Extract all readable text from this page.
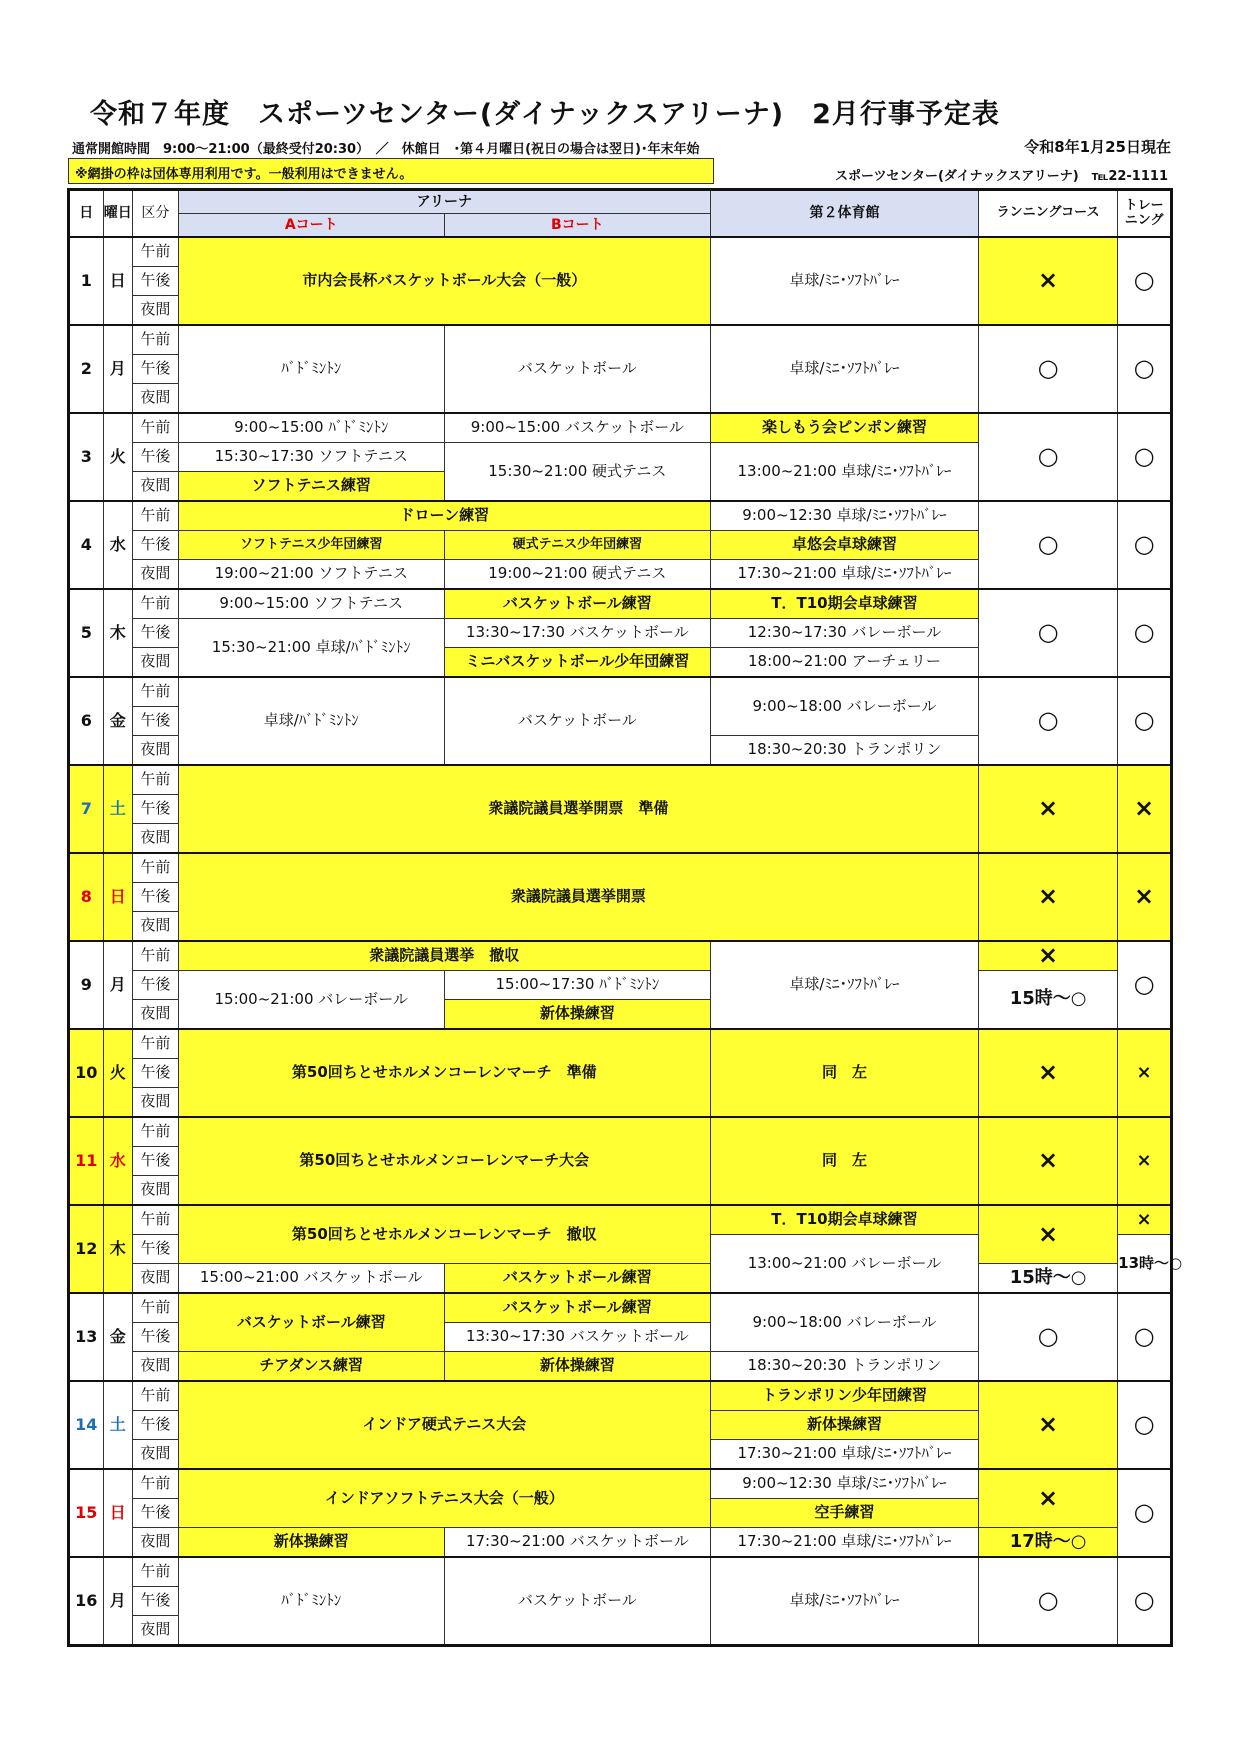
令和７年度　スポーツセンター(ダイナックスアリーナ)　2月行事予定表
通常開館時間　9:00～21:00（最終受付20:30）　／　休館日　･第４月曜日(祝日の場合は翌日)･年末年始	令和8年1月25日現在
※網掛の枠は団体専用利用です。一般利用はできません。	スポーツセンター(ダイナックスアリーナ)　℡22-1111
日	曜日	区分	アリーナ		第２体育館	ランニングコース	トレーニング
			Aコート	Bコート			
1	日	午前	市内会長杯バスケットボール大会（一般）		卓球/ﾐﾆ･ｿﾌﾄﾊﾞﾚｰ	×	○
		午後					
		夜間					
2	月	午前	ﾊﾞﾄﾞﾐﾝﾄﾝ	バスケットボール	卓球/ﾐﾆ･ｿﾌﾄﾊﾞﾚｰ	○	○
		午後					
		夜間					
3	火	午前	9:00~15:00 ﾊﾞﾄﾞﾐﾝﾄﾝ	9:00~15:00 バスケットボール	楽しもう会ピンポン練習	○	○
		午後	15:30~17:30 ソフトテニス	15:30~21:00 硬式テニス	13:00~21:00 卓球/ﾐﾆ･ｿﾌﾄﾊﾞﾚｰ		
		夜間	ソフトテニス練習				
4	水	午前	ドローン練習		9:00~12:30 卓球/ﾐﾆ･ｿﾌﾄﾊﾞﾚｰ	○	○
		午後	ソフトテニス少年団練習	硬式テニス少年団練習	卓悠会卓球練習		
		夜間	19:00~21:00 ソフトテニス	19:00~21:00 硬式テニス	17:30~21:00 卓球/ﾐﾆ･ｿﾌﾄﾊﾞﾚｰ		
5	木	午前	9:00~15:00 ソフトテニス	バスケットボール練習	T．T10期会卓球練習	○	○
		午後	15:30~21:00 卓球/ﾊﾞﾄﾞﾐﾝﾄﾝ	13:30~17:30 バスケットボール	12:30~17:30 バレーボール		
		夜間		ミニバスケットボール少年団練習	18:00~21:00 アーチェリー		
6	金	午前	卓球/ﾊﾞﾄﾞﾐﾝﾄﾝ	バスケットボール	9:00~18:00 バレーボール	○	○
		午後					
		夜間			18:30~20:30 トランポリン		
7	土	午前	衆議院議員選挙開票　準備			×	×
		午後					
		夜間					
8	日	午前	衆議院議員選挙開票			×	×
		午後					
		夜間					
9	月	午前	衆議院議員選挙　撤収		卓球/ﾐﾆ･ｿﾌﾄﾊﾞﾚｰ	×	○
		午後	15:00~21:00 バレーボール	15:00~17:30 ﾊﾞﾄﾞﾐﾝﾄﾝ		15時～○	
		夜間		新体操練習			
10	火	午前	第50回ちとせホルメンコーレンマーチ　準備		同　左	×	×
		午後					
		夜間					
11	水	午前	第50回ちとせホルメンコーレンマーチ大会		同　左	×	×
		午後					
		夜間					
12	木	午前	第50回ちとせホルメンコーレンマーチ　撤収		T．T10期会卓球練習	×	×
		午後			13:00~21:00 バレーボール		13時～○
		夜間	15:00~21:00 バスケットボール	バスケットボール練習		15時～○	
13	金	午前	バスケットボール練習	バスケットボール練習	9:00~18:00 バレーボール	○	○
		午後		13:30~17:30 バスケットボール			
		夜間	チアダンス練習	新体操練習	18:30~20:30 トランポリン		
14	土	午前	インドア硬式テニス大会		トランポリン少年団練習	×	○
		午後			新体操練習		
		夜間			17:30~21:00 卓球/ﾐﾆ･ｿﾌﾄﾊﾞﾚｰ		
15	日	午前	インドアソフトテニス大会（一般）		9:00~12:30 卓球/ﾐﾆ･ｿﾌﾄﾊﾞﾚｰ	×	○
		午後			空手練習		
		夜間	新体操練習	17:30~21:00 バスケットボール	17:30~21:00 卓球/ﾐﾆ･ｿﾌﾄﾊﾞﾚｰ	17時～○	
16	月	午前	ﾊﾞﾄﾞﾐﾝﾄﾝ	バスケットボール	卓球/ﾐﾆ･ｿﾌﾄﾊﾞﾚｰ	○	○
		午後					
		夜間					
